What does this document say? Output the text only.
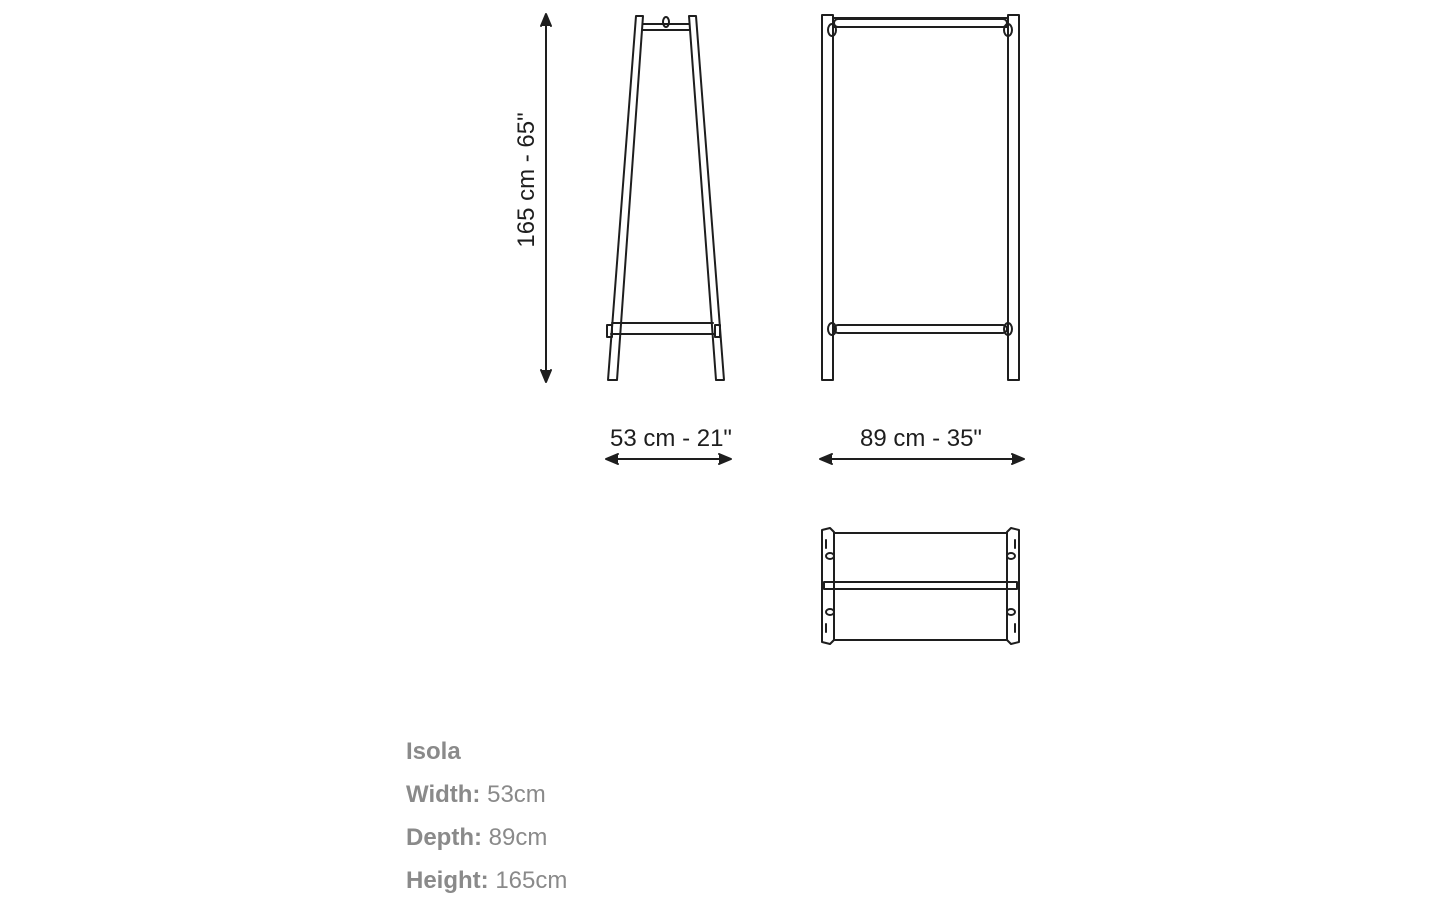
165 cm - 65"
53 cm - 21"	89 cm - 35"
Isola
Width: 53cm
Depth: 89cm
Height: 165cm
